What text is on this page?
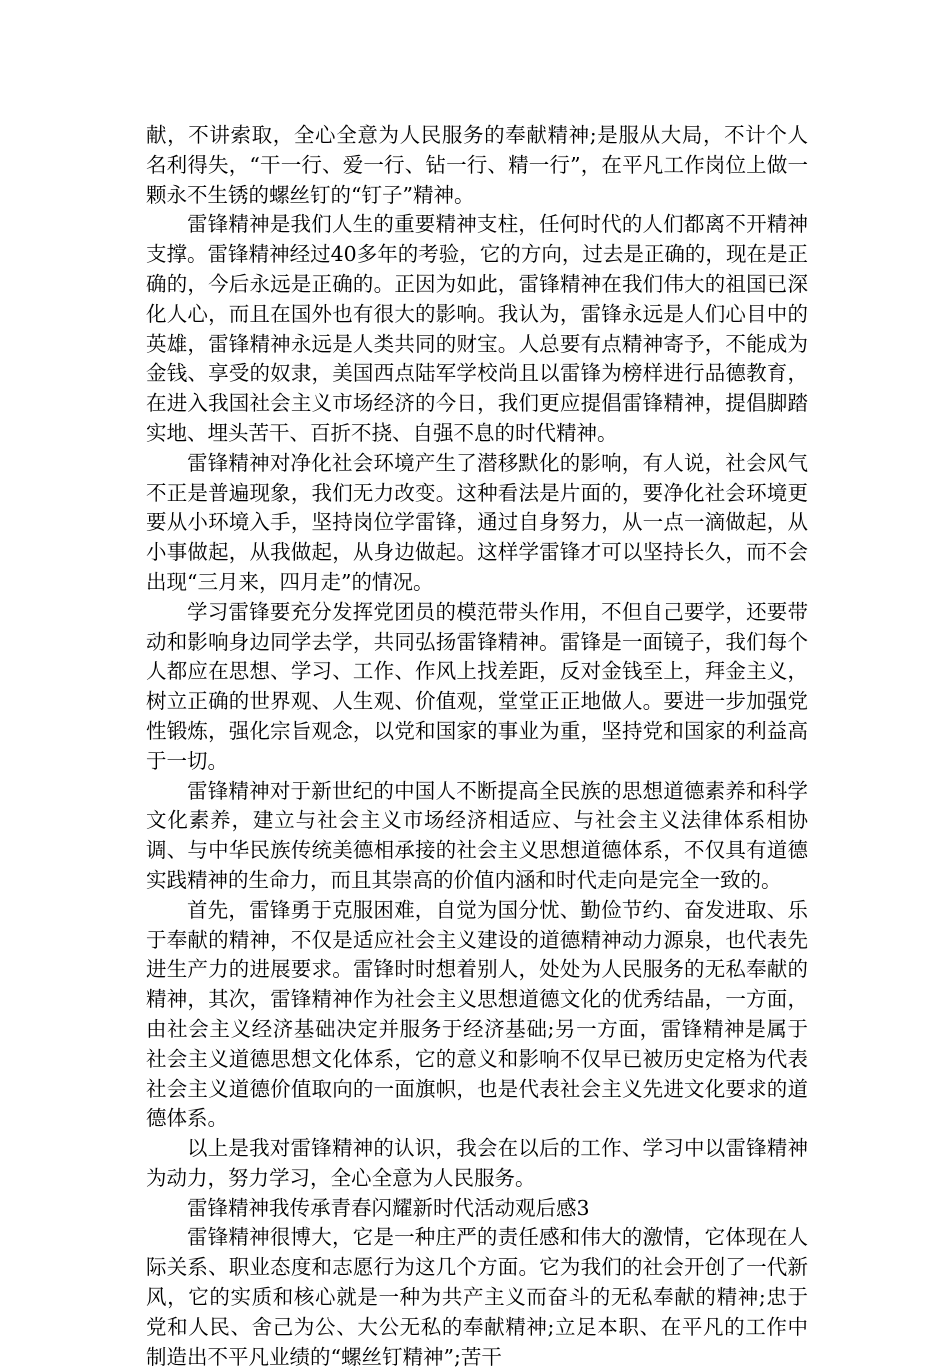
献，不讲索取，全心全意为人民服务的奉献精神;是服从大局，不计个人名利得失，“干一行、爱一行、钻一行、精一行”，在平凡工作岗位上做一颗永不生锈的螺丝钉的“钉子”精神。

雷锋精神是我们人生的重要精神支柱，任何时代的人们都离不开精神支撑。雷锋精神经过40多年的考验，它的方向，过去是正确的，现在是正确的，今后永远是正确的。正因为如此，雷锋精神在我们伟大的祖国已深化人心，而且在国外也有很大的影响。我认为，雷锋永远是人们心目中的英雄，雷锋精神永远是人类共同的财宝。人总要有点精神寄予，不能成为金钱、享受的奴隶，美国西点陆军学校尚且以雷锋为榜样进行品德教育，在进入我国社会主义市场经济的今日，我们更应提倡雷锋精神，提倡脚踏实地、埋头苦干、百折不挠、自强不息的时代精神。

雷锋精神对净化社会环境产生了潜移默化的影响，有人说，社会风气不正是普遍现象，我们无力改变。这种看法是片面的，要净化社会环境更要从小环境入手，坚持岗位学雷锋，通过自身努力，从一点一滴做起，从小事做起，从我做起，从身边做起。这样学雷锋才可以坚持长久，而不会出现“三月来，四月走”的情况。

学习雷锋要充分发挥党团员的模范带头作用，不但自己要学，还要带动和影响身边同学去学，共同弘扬雷锋精神。雷锋是一面镜子，我们每个人都应在思想、学习、工作、作风上找差距，反对金钱至上，拜金主义，树立正确的世界观、人生观、价值观，堂堂正正地做人。要进一步加强党性锻炼，强化宗旨观念，以党和国家的事业为重，坚持党和国家的利益高于一切。

雷锋精神对于新世纪的中国人不断提高全民族的思想道德素养和科学文化素养，建立与社会主义市场经济相适应、与社会主义法律体系相协调、与中华民族传统美德相承接的社会主义思想道德体系，不仅具有道德实践精神的生命力，而且其崇高的价值内涵和时代走向是完全一致的。

首先，雷锋勇于克服困难，自觉为国分忧、勤俭节约、奋发进取、乐于奉献的精神，不仅是适应社会主义建设的道德精神动力源泉，也代表先进生产力的进展要求。雷锋时时想着别人，处处为人民服务的无私奉献的精神，其次，雷锋精神作为社会主义思想道德文化的优秀结晶，一方面，由社会主义经济基础决定并服务于经济基础;另一方面，雷锋精神是属于社会主义道德思想文化体系，它的意义和影响不仅早已被历史定格为代表社会主义道德价值取向的一面旗帜，也是代表社会主义先进文化要求的道德体系。

以上是我对雷锋精神的认识，我会在以后的工作、学习中以雷锋精神为动力，努力学习，全心全意为人民服务。

雷锋精神我传承青春闪耀新时代活动观后感3

雷锋精神很博大，它是一种庄严的责任感和伟大的激情，它体现在人际关系、职业态度和志愿行为这几个方面。它为我们的社会开创了一代新风，它的实质和核心就是一种为共产主义而奋斗的无私奉献的精神;忠于党和人民、舍己为公、大公无私的奉献精神;立足本职、在平凡的工作中制造出不平凡业绩的“螺丝钉精神”;苦干
